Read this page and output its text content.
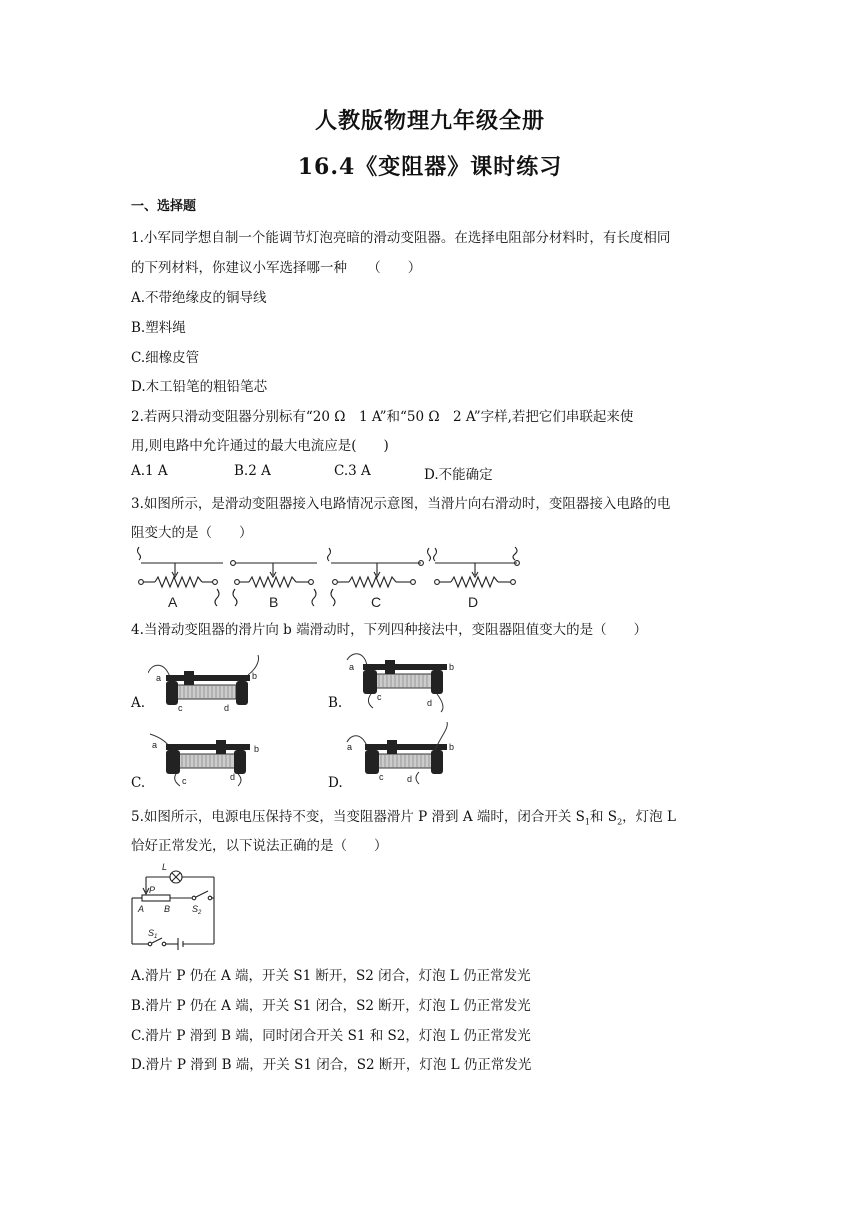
人教版物理九年级全册
16.4《变阻器》课时练习
一、选择题
1.小军同学想自制一个能调节灯泡亮暗的滑动变阻器。在选择电阻部分材料时，有长度相同
的下列材料，你建议小军选择哪一种　　（　　）
A.不带绝缘皮的铜导线
B.塑料绳
C.细橡皮管
D.木工铅笔的粗铅笔芯
2.若两只滑动变阻器分别标有“20 Ω　1 A”和“50 Ω　2 A”字样,若把它们串联起来使
用,则电路中允许通过的最大电流应是(　　)
A.1 A	B.2 A	C.3 A	D.不能确定
3.如图所示，是滑动变阻器接入电路情况示意图，当滑片向右滑动时，变阻器接入电路的电
阻变大的是（　　）
A	B	C	D
4.当滑动变阻器的滑片向 b 端滑动时，下列四种接法中，变阻器阻值变大的是（　　）
A.	B.
C.	D.
a	b
c	d
a	b
c
d
a	b
c	d
a	b
c	d
5.如图所示，电源电压保持不变，当变阻器滑片 P 滑到 A 端时，闭合开关 $S_1$和 $S_2$，灯泡 L
恰好正常发光，以下说法正确的是（　　）
L
P
A B S 2
S 1
A.滑片 P 仍在 A 端，开关 S1 断开，S2 闭合，灯泡 L 仍正常发光
B.滑片 P 仍在 A 端，开关 S1 闭合，S2 断开，灯泡 L 仍正常发光
C.滑片 P 滑到 B 端，同时闭合开关 S1 和 S2，灯泡 L 仍正常发光
D.滑片 P 滑到 B 端，开关 S1 闭合，S2 断开，灯泡 L 仍正常发光
